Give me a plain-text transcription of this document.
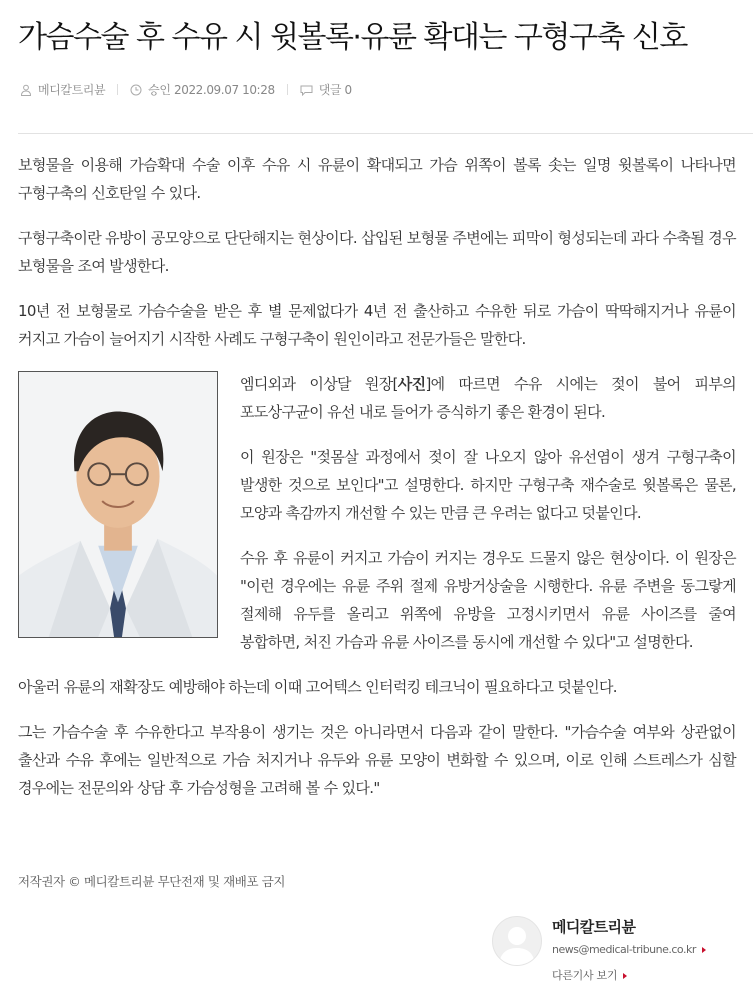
가슴수술 후 수유 시 윗볼록·유륜 확대는 구형구축 신호
메디칼트리뷴	승인
2022.09.07 10:28	댓글
0

보형물을 이용해 가슴확대 수술 이후 수유 시 유륜이 확대되고 가슴 위쪽이 볼록 솟는 일명 윗볼록이 나타나면 구형구축의 신호탄일 수 있다.

구형구축이란 유방이 공모양으로 단단해지는 현상이다. 삽입된 보형물 주변에는 피막이 형성되는데 과다 수축될 경우 보형물을 조여 발생한다.

10년 전 보형물로 가슴수술을 받은 후 별 문제없다가 4년 전 출산하고 수유한 뒤로 가슴이 딱딱해지거나 유륜이 커지고 가슴이 늘어지기 시작한 사례도 구형구축이 원인이라고 전문가들은 말한다.

엠디외과 이상달 원장[사진]에 따르면 수유 시에는 젖이 불어 피부의 포도상구균이 유선 내로 들어가 증식하기 좋은 환경이 된다.

이 원장은 "젖몸살 과정에서 젖이 잘 나오지 않아 유선염이 생겨 구형구축이 발생한 것으로 보인다"고 설명한다. 하지만 구형구축 재수술로 윗볼록은 물론, 모양과 촉감까지 개선할 수 있는 만큼 큰 우려는 없다고 덧붙인다.

수유 후 유륜이 커지고 가슴이 커지는 경우도 드물지 않은 현상이다. 이 원장은 "이런 경우에는 유륜 주위 절제 유방거상술을 시행한다. 유륜 주변을 동그랗게 절제해 유두를 올리고 위쪽에 유방을 고정시키면서 유륜 사이즈를 줄여 봉합하면, 처진 가슴과 유륜 사이즈를 동시에 개선할 수 있다"고 설명한다.

아울러 유륜의 재확장도 예방해야 하는데 이때 고어텍스 인터럭킹 테크닉이 필요하다고 덧붙인다.

그는 가슴수술 후 수유한다고 부작용이 생기는 것은 아니라면서 다음과 같이 말한다. "가슴수술 여부와 상관없이 출산과 수유 후에는 일반적으로 가슴 처지거나 유두와 유륜 모양이 변화할 수 있으며, 이로 인해 스트레스가 심할 경우에는 전문의와 상담 후 가슴성형을 고려해 볼 수 있다."

저작권자 © 메디칼트리뷴 무단전재 및 재배포 금지
메디칼트리뷴
news@medical-tribune.co.kr
다른기사 보기
